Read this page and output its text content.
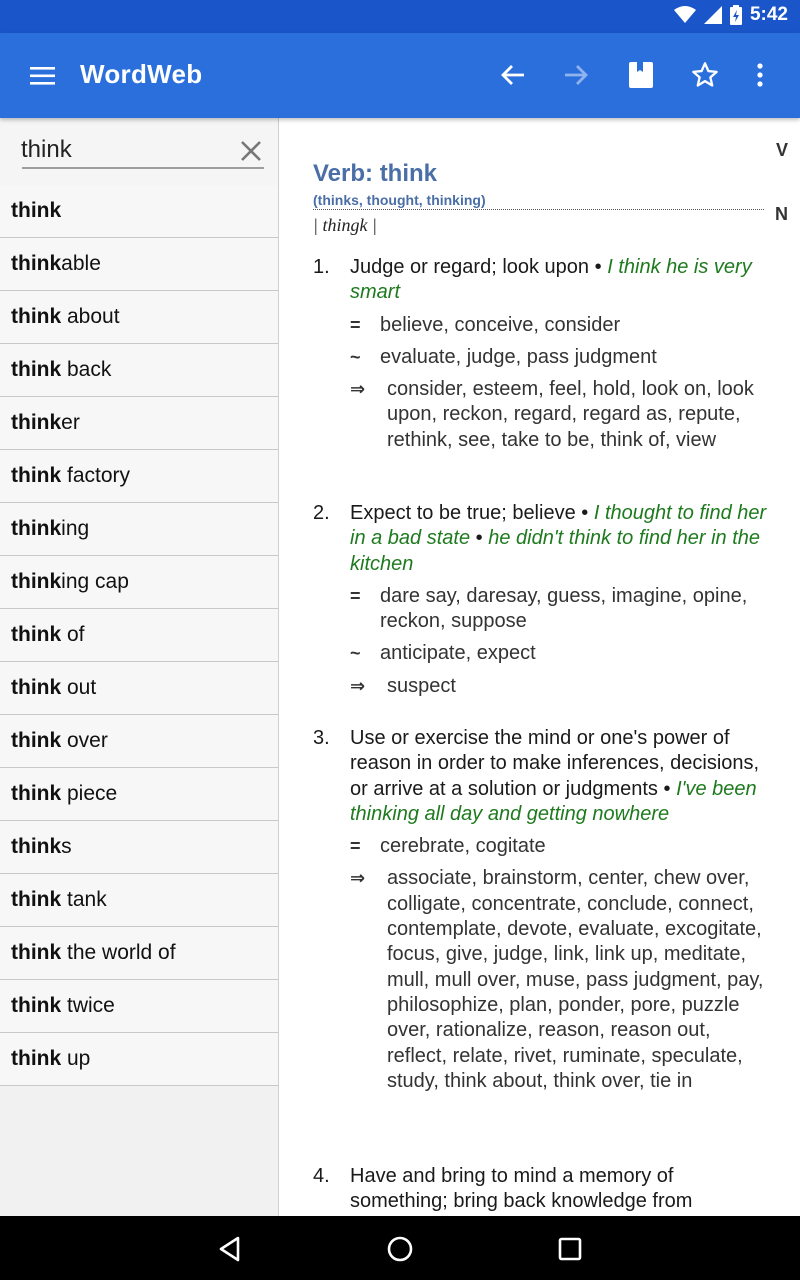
5:42
WordWeb
think
think
think able
think about
think back
think er
think factory
think ing
think ing cap
think of
think out
think over
think piece
think s
think tank
think the world of
think twice
think up
V
N
Verb: think
(thinks, thought, thinking)
| thingk |
1. Judge or regard; look upon • I think he is very smart
= believe, conceive, consider
~ evaluate, judge, pass judgment
⇒	consider, esteem, feel, hold, look on, look upon, reckon, regard, regard as, repute, rethink, see, take to be, think of, view
2. Expect to be true; believe • I thought to find her in a bad state • he didn't think to find her in the kitchen
= dare say, daresay, guess, imagine, opine, reckon, suppose
~ anticipate, expect
⇒	suspect
3. Use or exercise the mind or one's power of reason in order to make inferences, decisions, or arrive at a solution or judgments • I've been thinking all day and getting nowhere
= cerebrate, cogitate
⇒	associate, brainstorm, center, chew over, colligate, concentrate, conclude, connect, contemplate, devote, evaluate, excogitate, focus, give, judge, link, link up, meditate, mull, mull over, muse, pass judgment, pay, philosophize, plan, ponder, pore, puzzle over, rationalize, reason, reason out, reflect, relate, rivet, ruminate, speculate, study, think about, think over, tie in
4. Have and bring to mind a memory of something; bring back knowledge from
